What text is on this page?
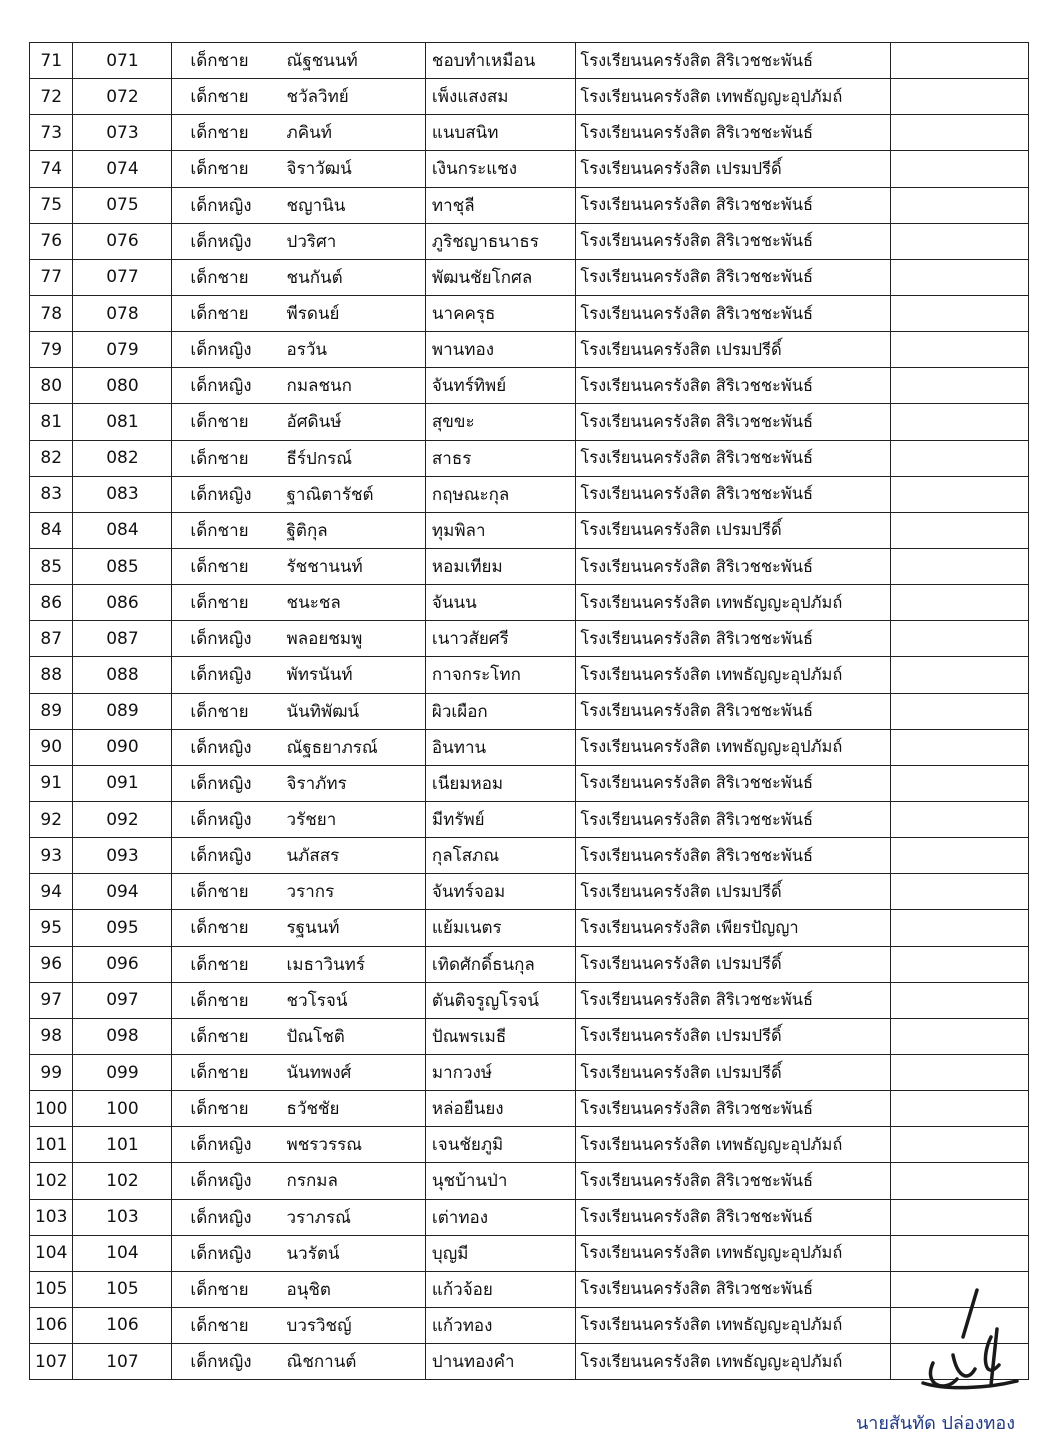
71	071	เด็กชาย	ณัฐชนนท์	ชอบทำเหมือน	โรงเรียนนครรังสิต สิริเวชชะพันธ์	
72	072	เด็กชาย	ชวัลวิทย์	เพ็งแสงสม	โรงเรียนนครรังสิต เทพธัญญะอุปภัมถ์	
73	073	เด็กชาย	ภคินท์	แนบสนิท	โรงเรียนนครรังสิต สิริเวชชะพันธ์	
74	074	เด็กชาย	จิราวัฒน์	เงินกระแชง	โรงเรียนนครรังสิต เปรมปรีดิ์	
75	075	เด็กหญิง	ชญานิน	ทาชุลี	โรงเรียนนครรังสิต สิริเวชชะพันธ์	
76	076	เด็กหญิง	ปวริศา	ภูริชญาธนาธร	โรงเรียนนครรังสิต สิริเวชชะพันธ์	
77	077	เด็กชาย	ชนกันต์	พัฒนชัยโกศล	โรงเรียนนครรังสิต สิริเวชชะพันธ์	
78	078	เด็กชาย	พีรดนย์	นาคครุธ	โรงเรียนนครรังสิต สิริเวชชะพันธ์	
79	079	เด็กหญิง	อรวัน	พานทอง	โรงเรียนนครรังสิต เปรมปรีดิ์	
80	080	เด็กหญิง	กมลชนก	จันทร์ทิพย์	โรงเรียนนครรังสิต สิริเวชชะพันธ์	
81	081	เด็กชาย	อัศดินษ์	สุขขะ	โรงเรียนนครรังสิต สิริเวชชะพันธ์	
82	082	เด็กชาย	ธีร์ปกรณ์	สาธร	โรงเรียนนครรังสิต สิริเวชชะพันธ์	
83	083	เด็กหญิง	ฐาณิตารัชต์	กฤษณะกุล	โรงเรียนนครรังสิต สิริเวชชะพันธ์	
84	084	เด็กชาย	ฐิติกุล	ทุมพิลา	โรงเรียนนครรังสิต เปรมปรีดิ์	
85	085	เด็กชาย	รัชชานนท์	หอมเทียม	โรงเรียนนครรังสิต สิริเวชชะพันธ์	
86	086	เด็กชาย	ชนะชล	จันนน	โรงเรียนนครรังสิต เทพธัญญะอุปภัมถ์	
87	087	เด็กหญิง	พลอยชมพู	เนาวสัยศรี	โรงเรียนนครรังสิต สิริเวชชะพันธ์	
88	088	เด็กหญิง	พัทรนันท์	กาจกระโทก	โรงเรียนนครรังสิต เทพธัญญะอุปภัมถ์	
89	089	เด็กชาย	นันทิพัฒน์	ผิวเผือก	โรงเรียนนครรังสิต สิริเวชชะพันธ์	
90	090	เด็กหญิง	ณัฐธยาภรณ์	อินทาน	โรงเรียนนครรังสิต เทพธัญญะอุปภัมถ์	
91	091	เด็กหญิง	จิราภัทร	เนียมหอม	โรงเรียนนครรังสิต สิริเวชชะพันธ์	
92	092	เด็กหญิง	วรัชยา	มีทรัพย์	โรงเรียนนครรังสิต สิริเวชชะพันธ์	
93	093	เด็กหญิง	นภัสสร	กุลโสภณ	โรงเรียนนครรังสิต สิริเวชชะพันธ์	
94	094	เด็กชาย	วรากร	จันทร์จอม	โรงเรียนนครรังสิต เปรมปรีดิ์	
95	095	เด็กชาย	รฐนนท์	แย้มเนตร	โรงเรียนนครรังสิต เพียรปัญญา	
96	096	เด็กชาย	เมธาวินทร์	เทิดศักดิ์ธนกุล	โรงเรียนนครรังสิต เปรมปรีดิ์	
97	097	เด็กชาย	ชวโรจน์	ตันติจรูญโรจน์	โรงเรียนนครรังสิต สิริเวชชะพันธ์	
98	098	เด็กชาย	ปัณโชติ	ปัณพรเมธี	โรงเรียนนครรังสิต เปรมปรีดิ์	
99	099	เด็กชาย	นันทพงศ์	มากวงษ์	โรงเรียนนครรังสิต เปรมปรีดิ์	
100	100	เด็กชาย	ธวัชชัย	หล่อยืนยง	โรงเรียนนครรังสิต สิริเวชชะพันธ์	
101	101	เด็กหญิง	พชรวรรณ	เจนชัยภูมิ	โรงเรียนนครรังสิต เทพธัญญะอุปภัมถ์	
102	102	เด็กหญิง	กรกมล	นุชบ้านป่า	โรงเรียนนครรังสิต สิริเวชชะพันธ์	
103	103	เด็กหญิง	วราภรณ์	เต่าทอง	โรงเรียนนครรังสิต สิริเวชชะพันธ์	
104	104	เด็กหญิง	นวรัตน์	บุญมี	โรงเรียนนครรังสิต เทพธัญญะอุปภัมถ์	
105	105	เด็กชาย	อนุชิต	แก้วจ้อย	โรงเรียนนครรังสิต สิริเวชชะพันธ์	
106	106	เด็กชาย	บวรวิชญ์	แก้วทอง	โรงเรียนนครรังสิต เทพธัญญะอุปภัมถ์	
107	107	เด็กหญิง	ณิชกานต์	ปานทองคำ	โรงเรียนนครรังสิต เทพธัญญะอุปภัมถ์	
นายสันทัด ปล่องทอง
